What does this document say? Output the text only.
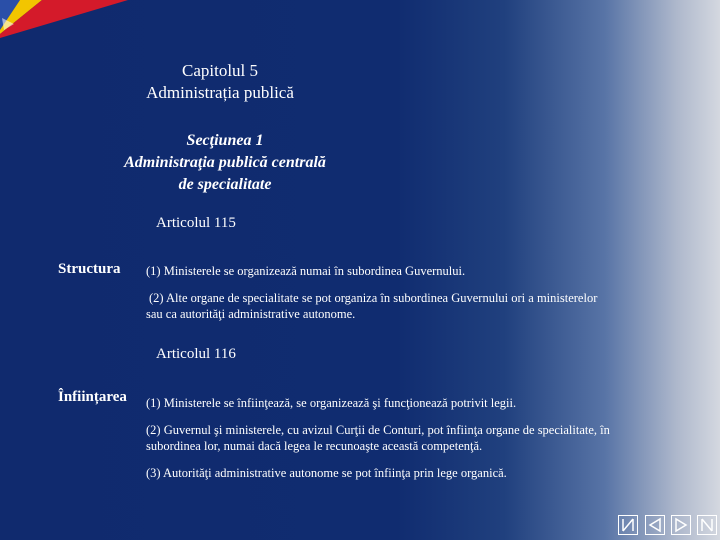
Capitolul 5
Administrația publică
Secţiunea 1
Administraţia publică centrală
de specialitate
Articolul 115
Structura (1) Ministerele se organizează numai în subordinea Guvernului.
(2) Alte organe de specialitate se pot organiza în subordinea Guvernului ori a ministerelor
sau ca autorităţi administrative autonome.
Articolul 116
Înființarea (1) Ministerele se înfiinţează, se organizează şi funcţionează potrivit legii.
(2) Guvernul şi ministerele, cu avizul Curţii de Conturi, pot înfiinţa organe de specialitate, în
subordinea lor, numai dacă legea le recunoaşte această competenţă.
(3) Autorităţi administrative autonome se pot înfiinţa prin lege organică.
